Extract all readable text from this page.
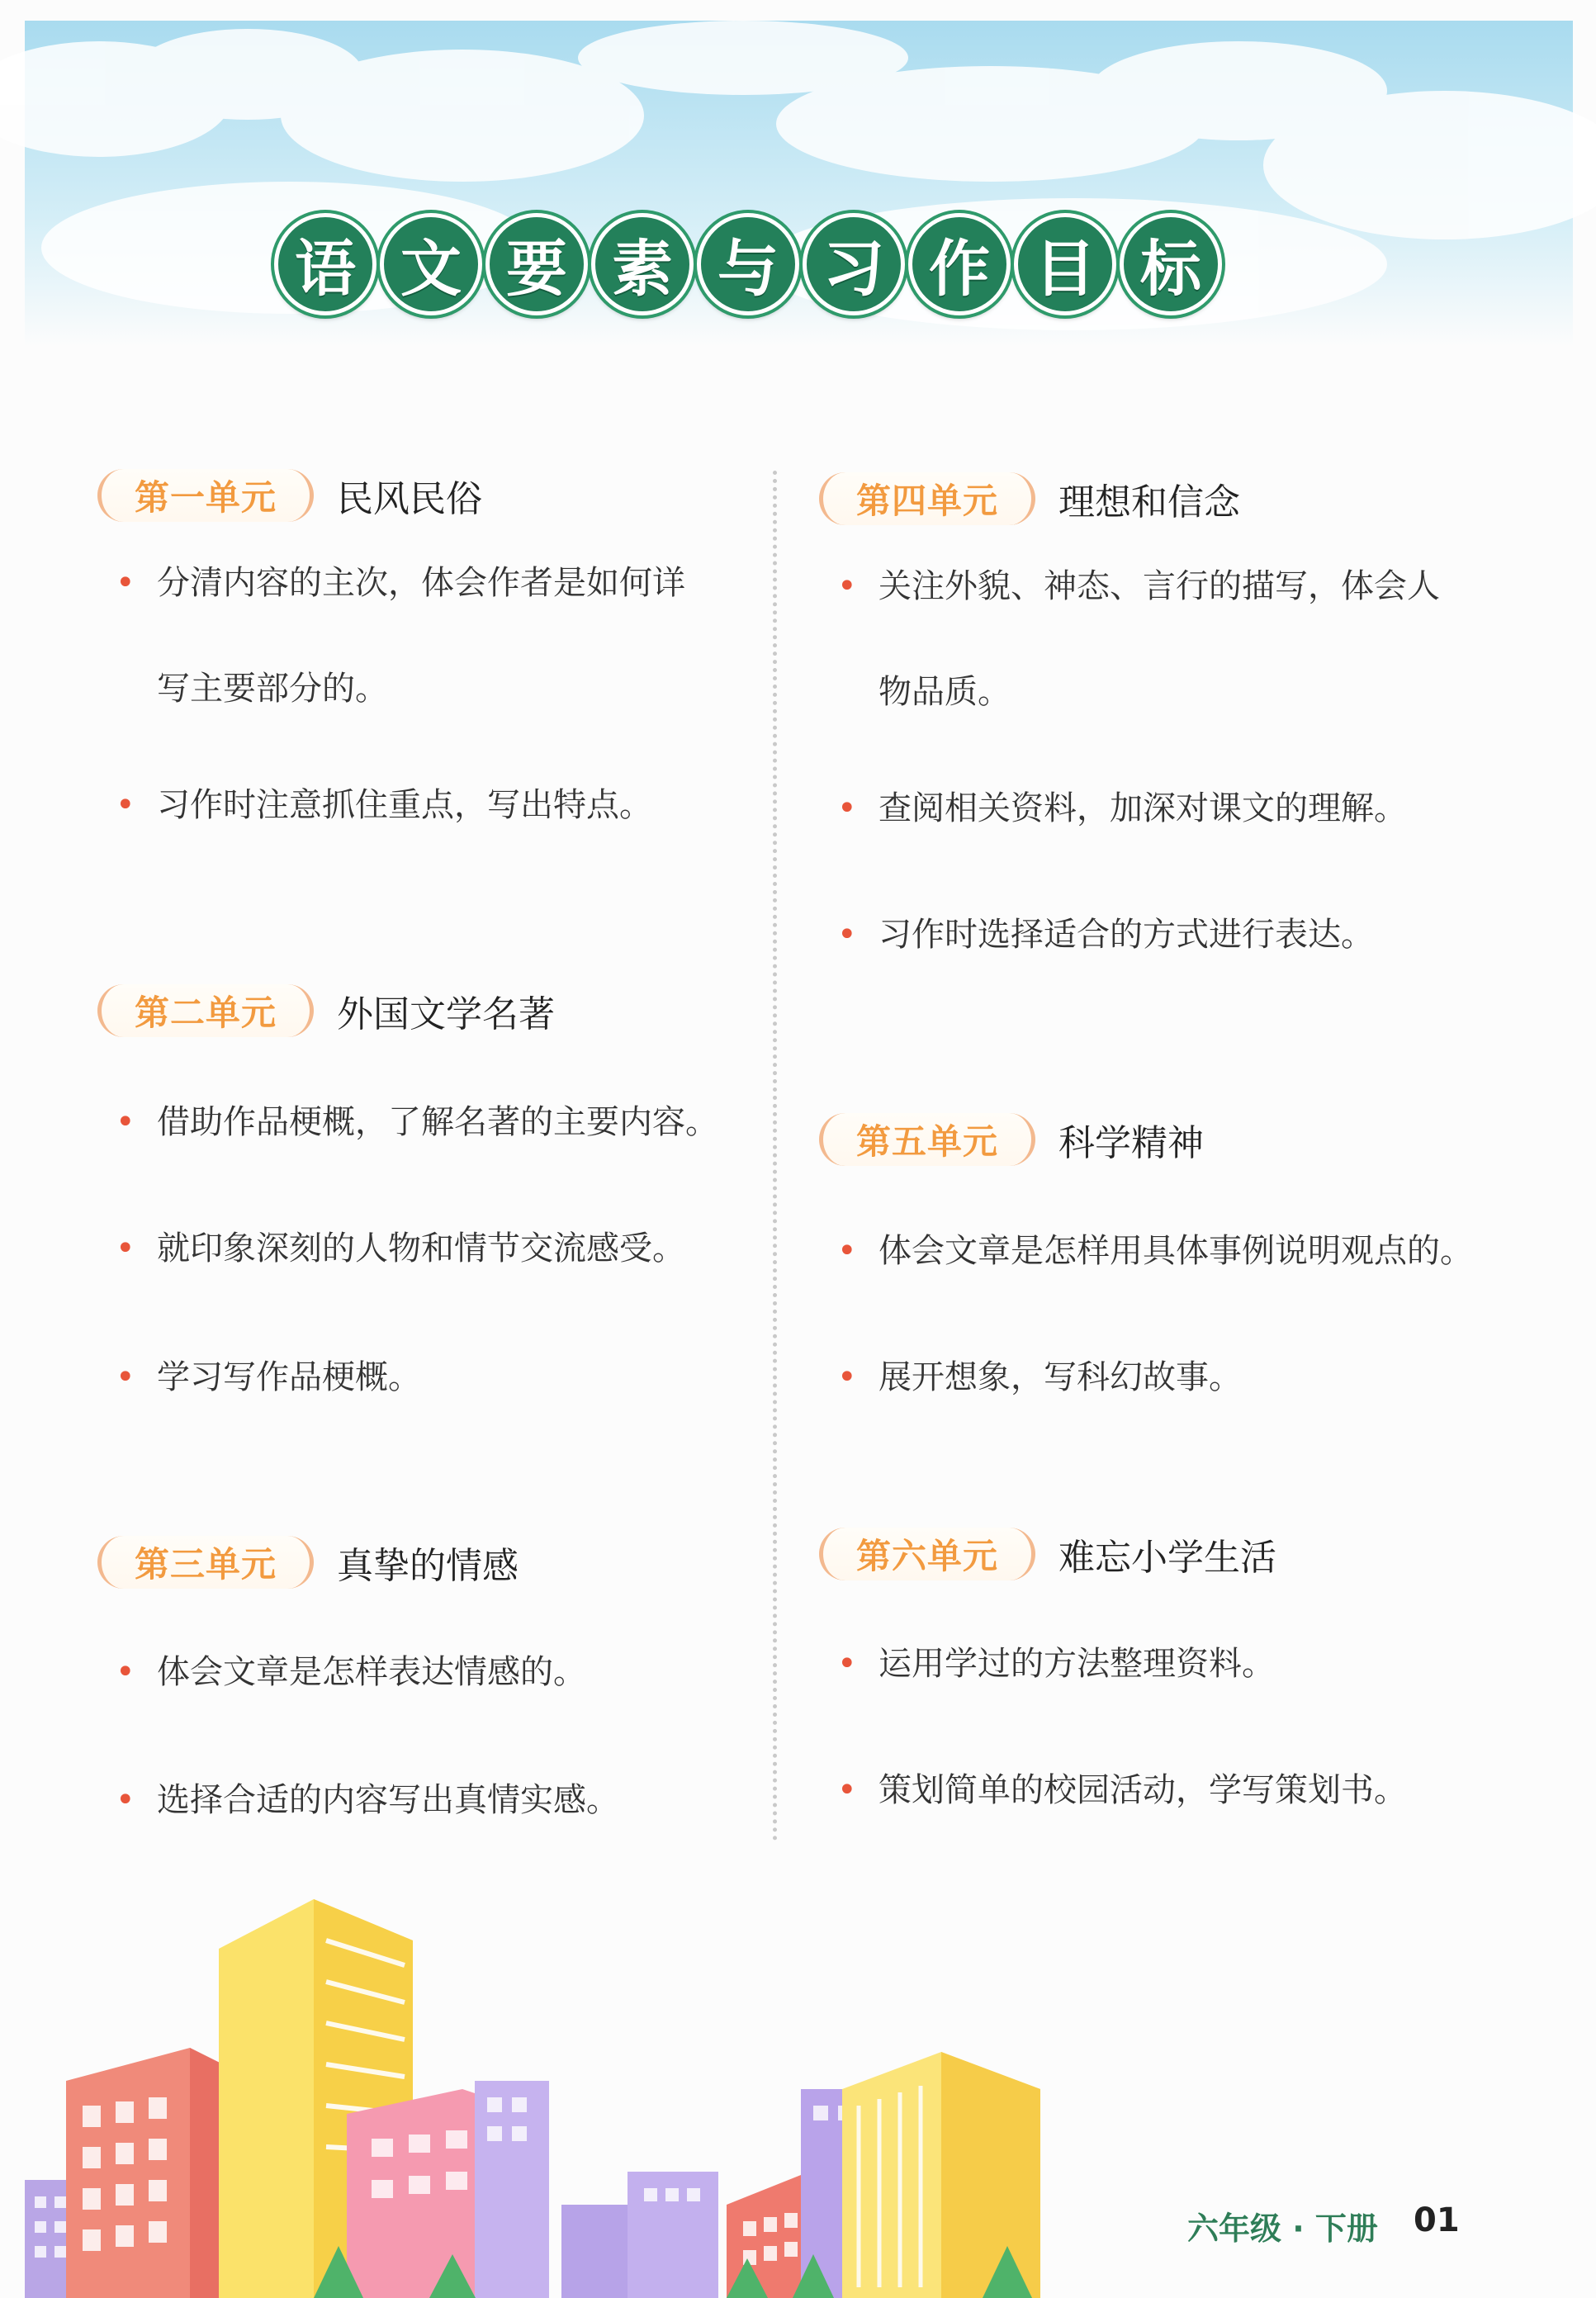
语 文 要 素 与 习 作 目 标
第一单元	民风民俗
• 分清内容的主次，体会作者是如何详
写主要部分的。
• 习作时注意抓住重点，写出特点。
第二单元	外国文学名著
• 借助作品梗概，了解名著的主要内容。
• 就印象深刻的人物和情节交流感受。
• 学习写作品梗概。
第三单元	真挚的情感
• 体会文章是怎样表达情感的。
• 选择合适的内容写出真情实感。
第四单元	理想和信念
• 关注外貌、神态、言行的描写，体会人
物品质。
• 查阅相关资料，加深对课文的理解。
• 习作时选择适合的方式进行表达。
第五单元	科学精神
• 体会文章是怎样用具体事例说明观点的。
• 展开想象，写科幻故事。
第六单元	难忘小学生活
• 运用学过的方法整理资料。
• 策划简单的校园活动，学写策划书。
六年级 · 下册 01
